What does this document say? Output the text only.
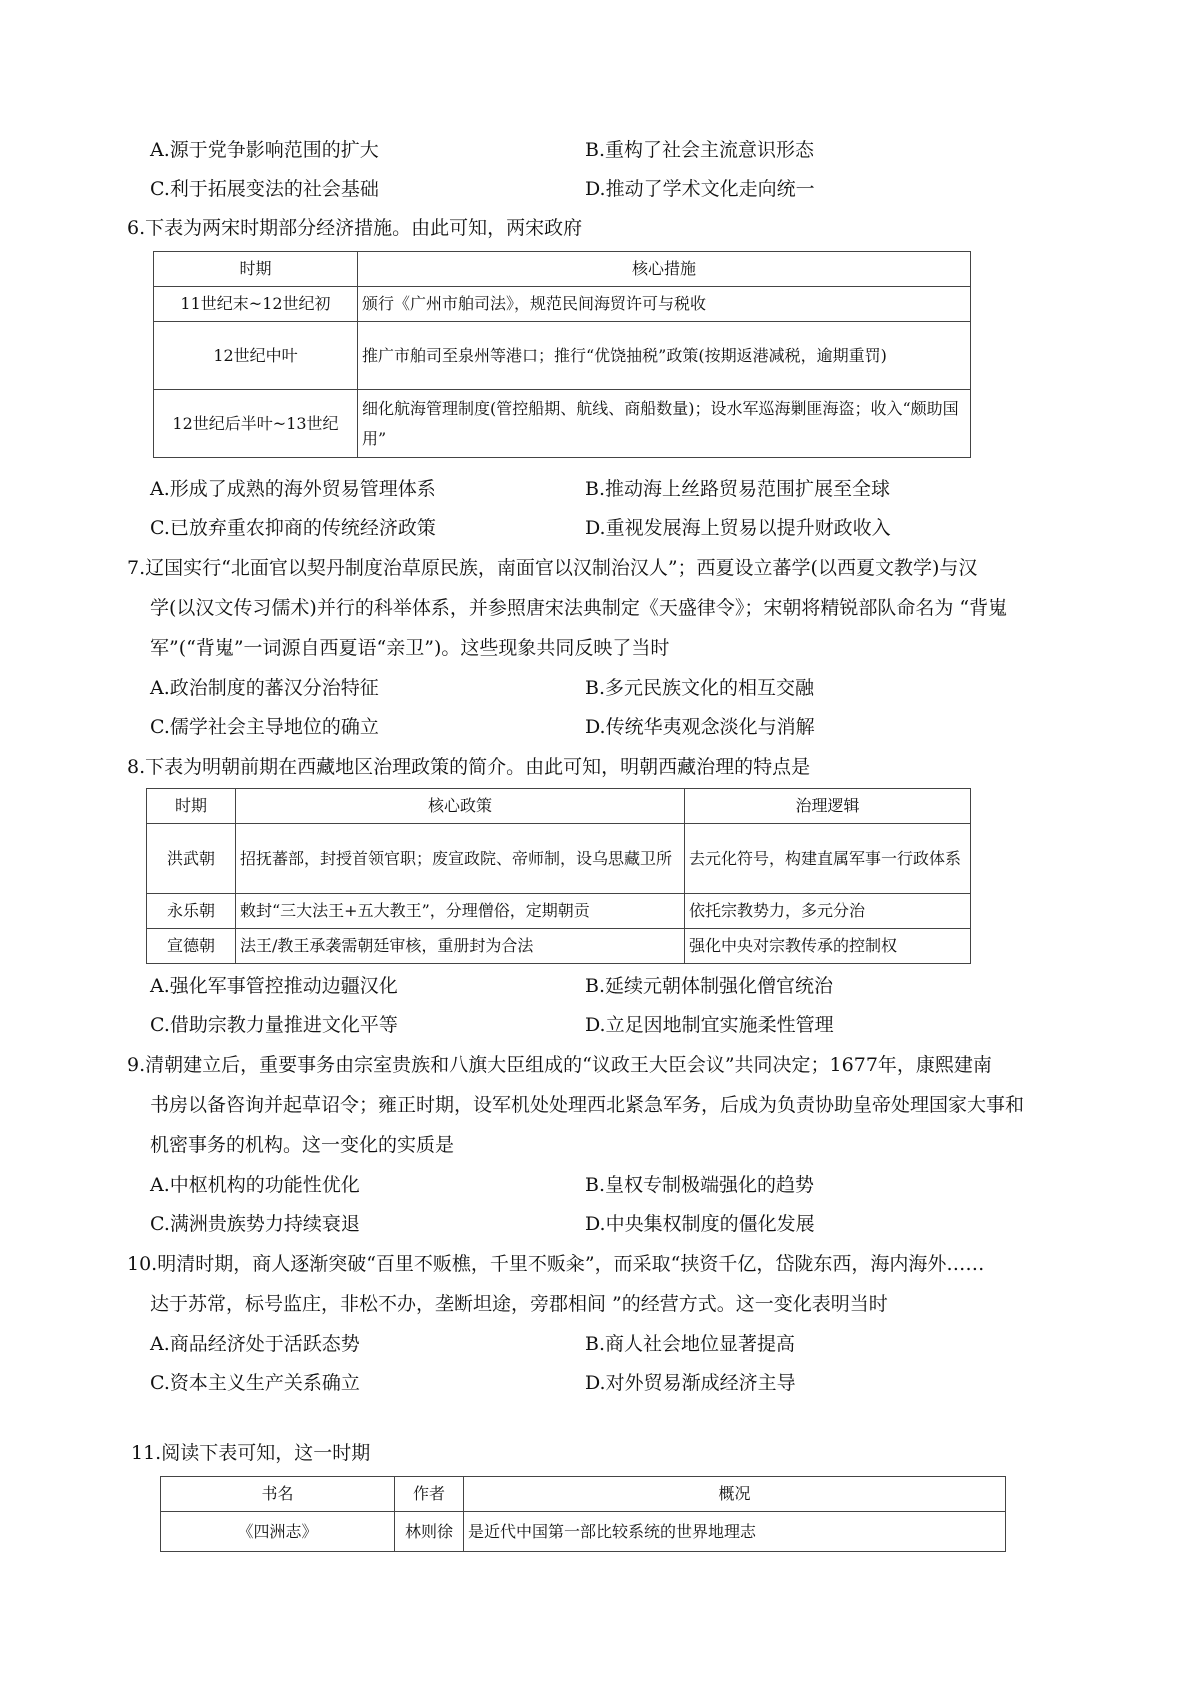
A.源于党争影响范围的扩大	B.重构了社会主流意识形态
C.利于拓展变法的社会基础	D.推动了学术文化走向统一
6.下表为两宋时期部分经济措施。由此可知，两宋政府
时期	核心措施
11世纪末~12世纪初	颁行《广州市舶司法》，规范民间海贸许可与税收
12世纪中叶	推广市舶司至泉州等港口；推行“优饶抽税”政策(按期返港减税，逾期重罚)
12世纪后半叶~13世纪	细化航海管理制度(管控船期、航线、商船数量)；设水军巡海剿匪海盗；收入“颇助国用”
A.形成了成熟的海外贸易管理体系	B.推动海上丝路贸易范围扩展至全球
C.已放弃重农抑商的传统经济政策	D.重视发展海上贸易以提升财政收入
7.辽国实行“北面官以契丹制度治草原民族，南面官以汉制治汉人”；西夏设立蕃学(以西夏文教学)与汉
学(以汉文传习儒术)并行的科举体系，并参照唐宋法典制定《天盛律令》；宋朝将精锐部队命名为 “背嵬
军”(“背嵬”一词源自西夏语“亲卫”)。这些现象共同反映了当时
A.政治制度的蕃汉分治特征	B.多元民族文化的相互交融
C.儒学社会主导地位的确立	D.传统华夷观念淡化与消解
8.下表为明朝前期在西藏地区治理政策的简介。由此可知，明朝西藏治理的特点是
时期	核心政策	治理逻辑
洪武朝	招抚蕃部，封授首领官职；废宣政院、帝师制，设乌思藏卫所	去元化符号，构建直属军事一行政体系
永乐朝	敕封“三大法王+五大教王”，分理僧俗，定期朝贡	依托宗教势力，多元分治
宣德朝	法王/教王承袭需朝廷审核，重册封为合法	强化中央对宗教传承的控制权
A.强化军事管控推动边疆汉化	B.延续元朝体制强化僧官统治
C.借助宗教力量推进文化平等	D.立足因地制宜实施柔性管理
9.清朝建立后，重要事务由宗室贵族和八旗大臣组成的“议政王大臣会议”共同决定；1677年，康熙建南
书房以备咨询并起草诏令；雍正时期，设军机处处理西北紧急军务，后成为负责协助皇帝处理国家大事和
机密事务的机构。这一变化的实质是
A.中枢机构的功能性优化	B.皇权专制极端强化的趋势
C.满洲贵族势力持续衰退	D.中央集权制度的僵化发展
10.明清时期，商人逐渐突破“百里不贩樵，千里不贩籴”，而采取“挟资千亿，岱陇东西，海内海外……
达于苏常，标号监庄，非松不办，垄断坦途，旁郡相间 ”的经营方式。这一变化表明当时
A.商品经济处于活跃态势	B.商人社会地位显著提高
C.资本主义生产关系确立	D.对外贸易渐成经济主导
11.阅读下表可知，这一时期
书名	作者	概况
《四洲志》	林则徐	是近代中国第一部比较系统的世界地理志
